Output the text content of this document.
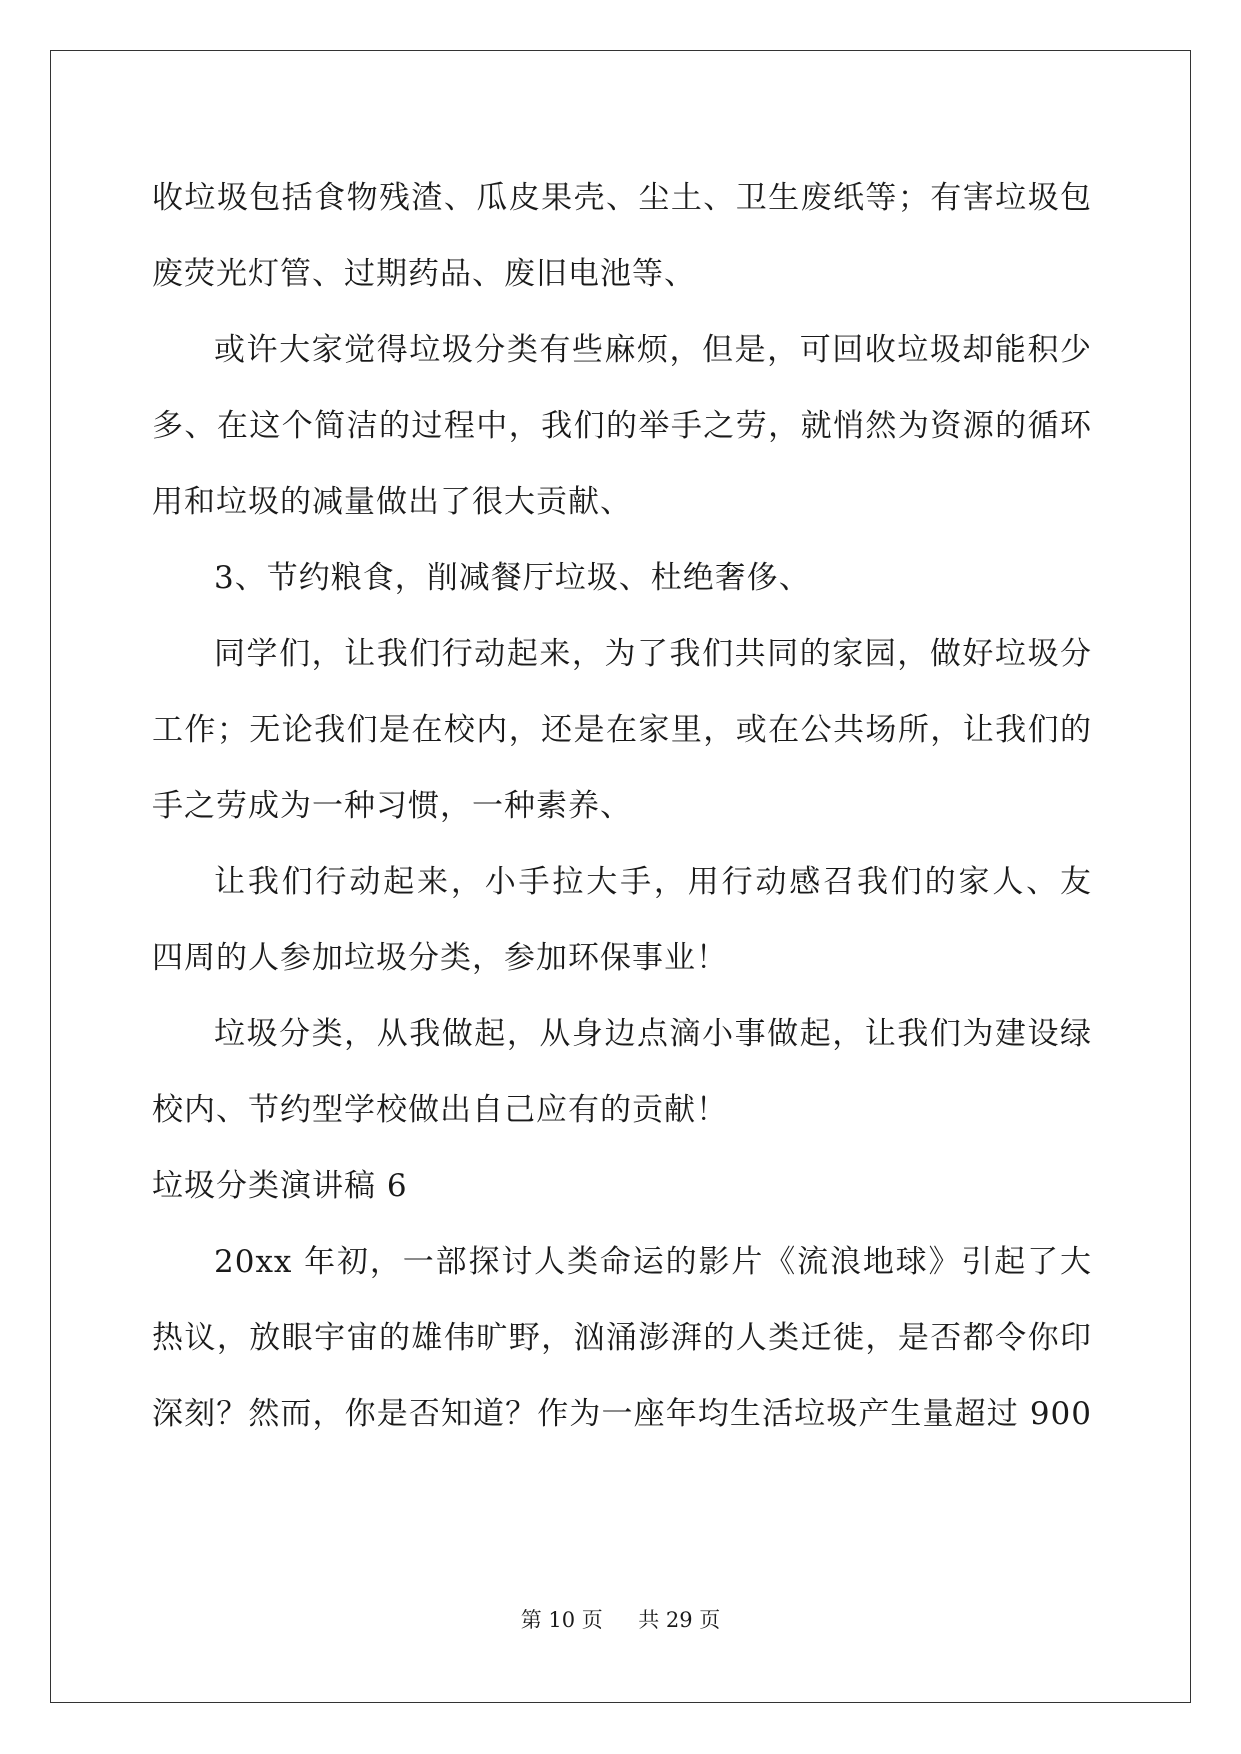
收垃圾包括食物残渣、瓜皮果壳、尘土、卫生废纸等；有害垃圾包
废荧光灯管、过期药品、废旧电池等、
或许大家觉得垃圾分类有些麻烦，但是，可回收垃圾却能积少
多、在这个简洁的过程中，我们的举手之劳，就悄然为资源的循环
用和垃圾的减量做出了很大贡献、
3、节约粮食，削减餐厅垃圾、杜绝奢侈、
同学们，让我们行动起来，为了我们共同的家园，做好垃圾分
工作；无论我们是在校内，还是在家里，或在公共场所，让我们的
手之劳成为一种习惯，一种素养、
让我们行动起来，小手拉大手，用行动感召我们的家人、友
四周的人参加垃圾分类，参加环保事业！
垃圾分类，从我做起，从身边点滴小事做起，让我们为建设绿
校内、节约型学校做出自己应有的贡献！
垃圾分类演讲稿 6
20xx 年初，一部探讨人类命运的影片《流浪地球》引起了大
热议，放眼宇宙的雄伟旷野，汹涌澎湃的人类迁徙，是否都令你印
深刻？然而，你是否知道？作为一座年均生活垃圾产生量超过 900
第 10 页 共 29 页
